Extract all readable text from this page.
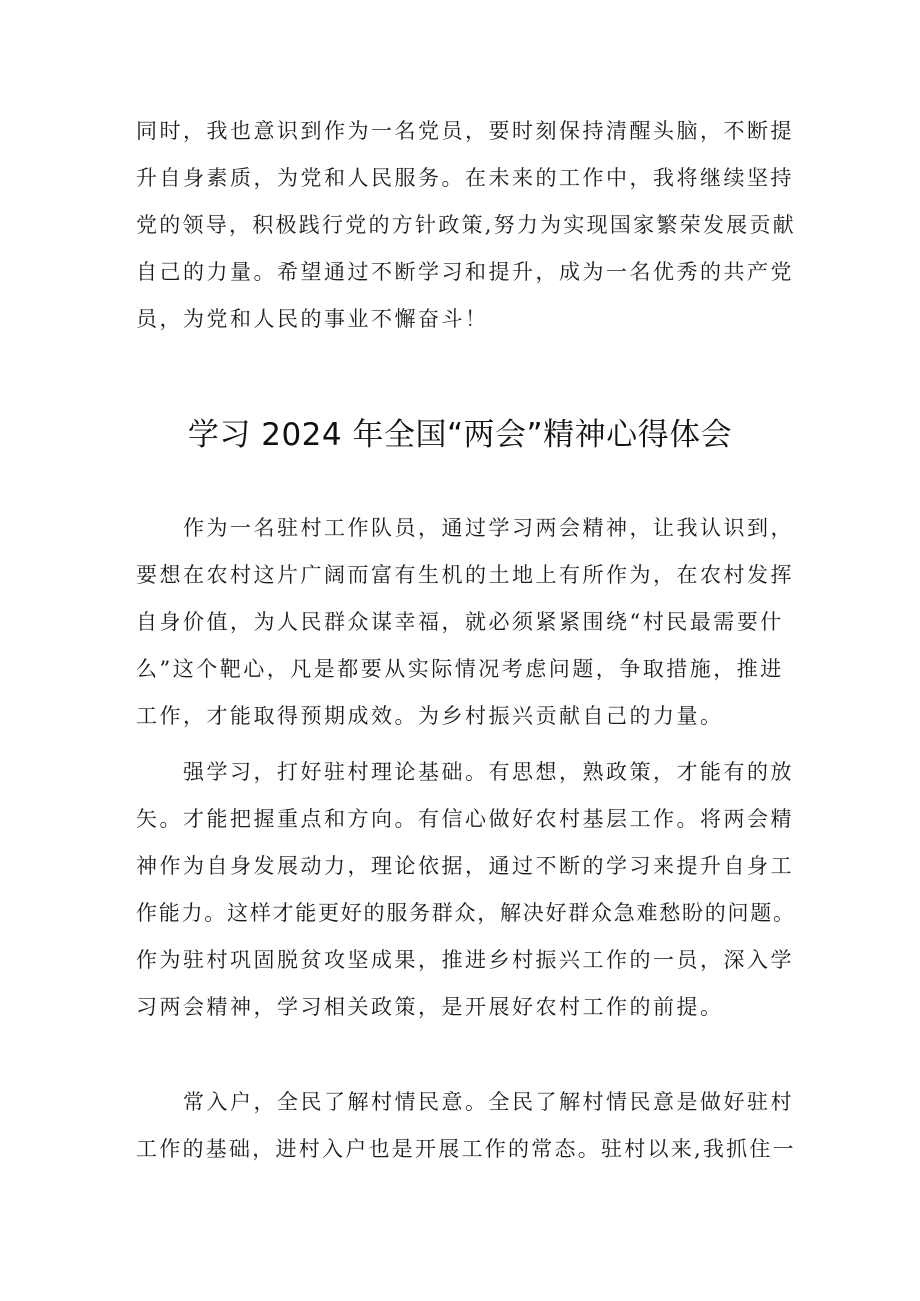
同时，我也意识到作为一名党员，要时刻保持清醒头脑，不断提
升自身素质，为党和人民服务。在未来的工作中，我将继续坚持
党的领导，积极践行党的方针政策,努力为实现国家繁荣发展贡献
自己的力量。希望通过不断学习和提升，成为一名优秀的共产党
员，为党和人民的事业不懈奋斗！
学习 2024 年全国“两会”精神心得体会
　　作为一名驻村工作队员，通过学习两会精神，让我认识到，
要想在农村这片广阔而富有生机的土地上有所作为，在农村发挥
自身价值，为人民群众谋幸福，就必须紧紧围绕“村民最需要什
么”这个靶心，凡是都要从实际情况考虑问题，争取措施，推进
工作，才能取得预期成效。为乡村振兴贡献自己的力量。
　　强学习，打好驻村理论基础。有思想，熟政策，才能有的放
矢。才能把握重点和方向。有信心做好农村基层工作。将两会精
神作为自身发展动力，理论依据，通过不断的学习来提升自身工
作能力。这样才能更好的服务群众，解决好群众急难愁盼的问题。
作为驻村巩固脱贫攻坚成果，推进乡村振兴工作的一员，深入学
习两会精神，学习相关政策，是开展好农村工作的前提。
　　常入户，全民了解村情民意。全民了解村情民意是做好驻村
工作的基础，进村入户也是开展工作的常态。驻村以来,我抓住一
